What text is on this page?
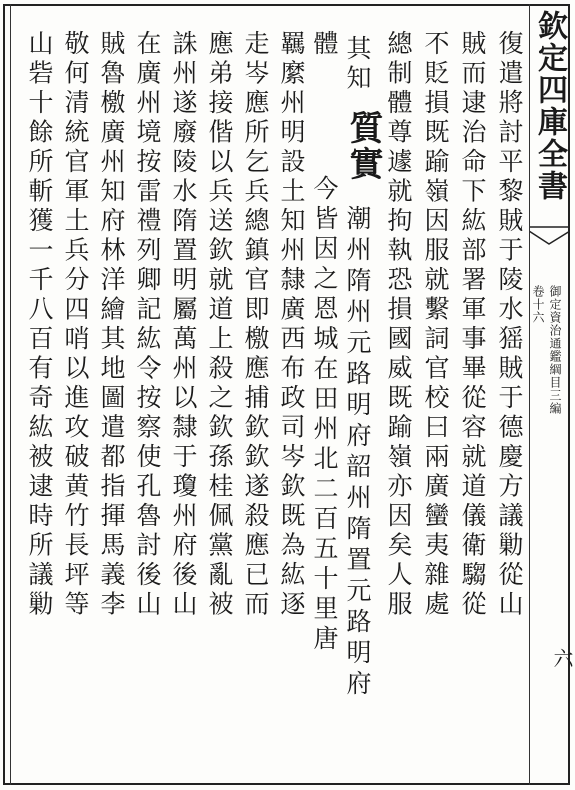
欽定四庫全書
御定資治通鑑綱目三編
卷十六
六
復遣將討平黎賊于陵水猺賊于德慶方議勦從山
賊而逮治命下紘部署軍事畢從容就道儀衛騶從
不貶損既踰嶺因服就繫詞官校曰兩廣蠻夷雜處
總制體尊遽就拘執恐損國威既踰嶺亦因矣人服
其知
質實
潮州隋州元路明府韶州隋置元路明府
體
今皆因之恩城在田州北二百五十里唐
羈縻州明設土知州隸廣西布政司岑欽既為紘逐
走岑應所乞兵總鎮官即檄應捕欽欽遂殺應已而
應弟接偕以兵送欽就道上殺之欽孫桂佩黨亂被
誅州遂廢陵水隋置明屬萬州以隸于瓊州府後山
在廣州境按雷禮列卿記紘令按察使孔魯討後山
賊魯檄廣州知府林洋繪其地圖遣都指揮馬義李
敬何清統官軍土兵分四哨以進攻破黄竹長坪等
山砦十餘所斬獲一千八百有奇紘被逮時所議勦
